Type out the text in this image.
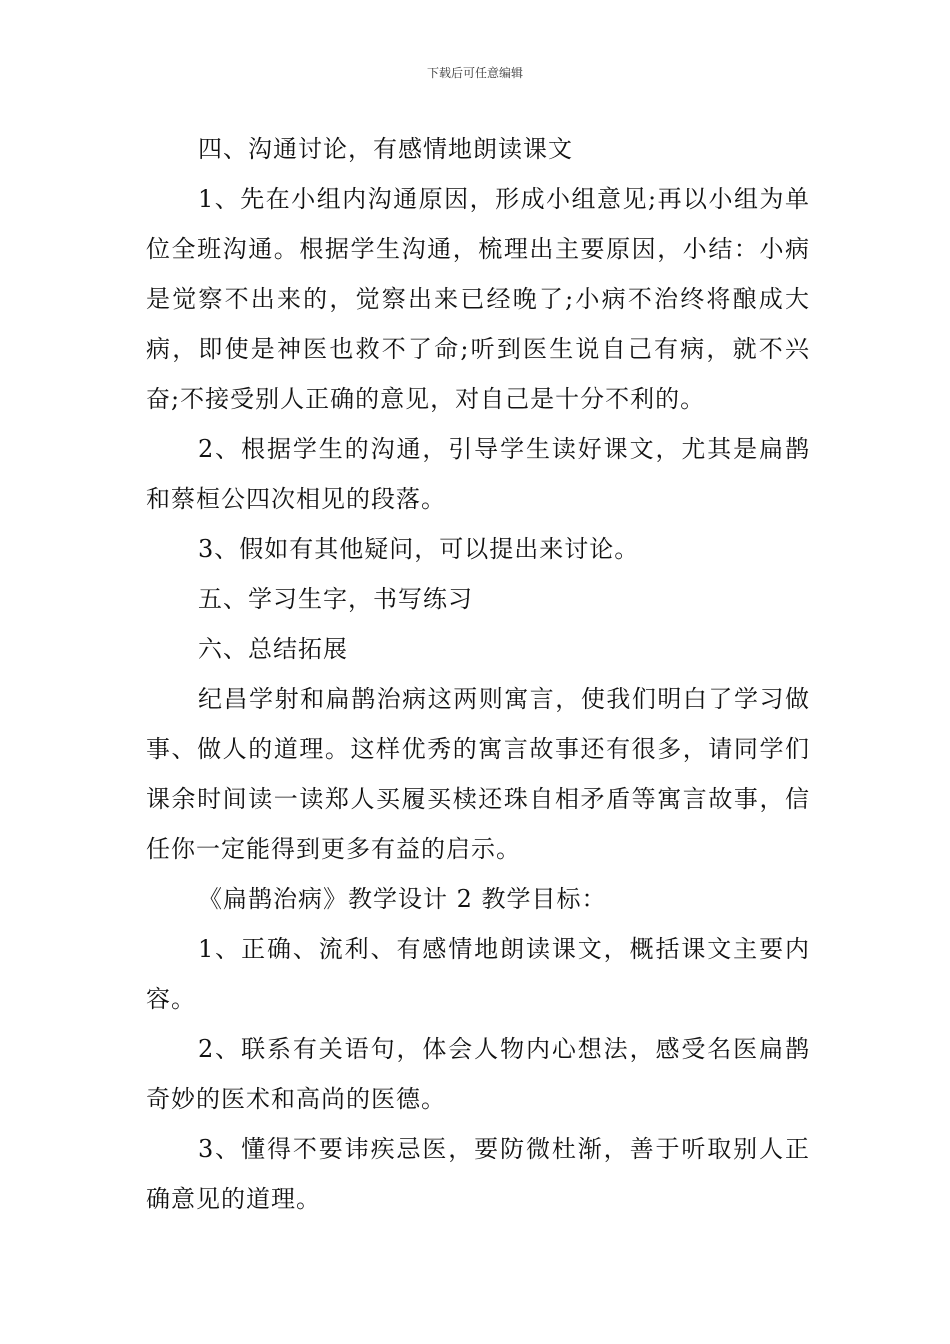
下载后可任意编辑

四、沟通讨论，有感情地朗读课文

1、先在小组内沟通原因，形成小组意见;再以小组为单位全班沟通。根据学生沟通，梳理出主要原因，小结：小病是觉察不出来的，觉察出来已经晚了;小病不治终将酿成大病，即使是神医也救不了命;听到医生说自己有病，就不兴奋;不接受别人正确的意见，对自己是十分不利的。

2、根据学生的沟通，引导学生读好课文，尤其是扁鹊和蔡桓公四次相见的段落。

3、假如有其他疑问，可以提出来讨论。

五、学习生字，书写练习

六、总结拓展

纪昌学射和扁鹊治病这两则寓言，使我们明白了学习做事、做人的道理。这样优秀的寓言故事还有很多，请同学们课余时间读一读郑人买履买椟还珠自相矛盾等寓言故事，信任你一定能得到更多有益的启示。

《扁鹊治病》教学设计 2 教学目标：

1、正确、流利、有感情地朗读课文，概括课文主要内容。

2、联系有关语句，体会人物内心想法，感受名医扁鹊奇妙的医术和高尚的医德。

3、懂得不要讳疾忌医，要防微杜渐，善于听取别人正确意见的道理。
